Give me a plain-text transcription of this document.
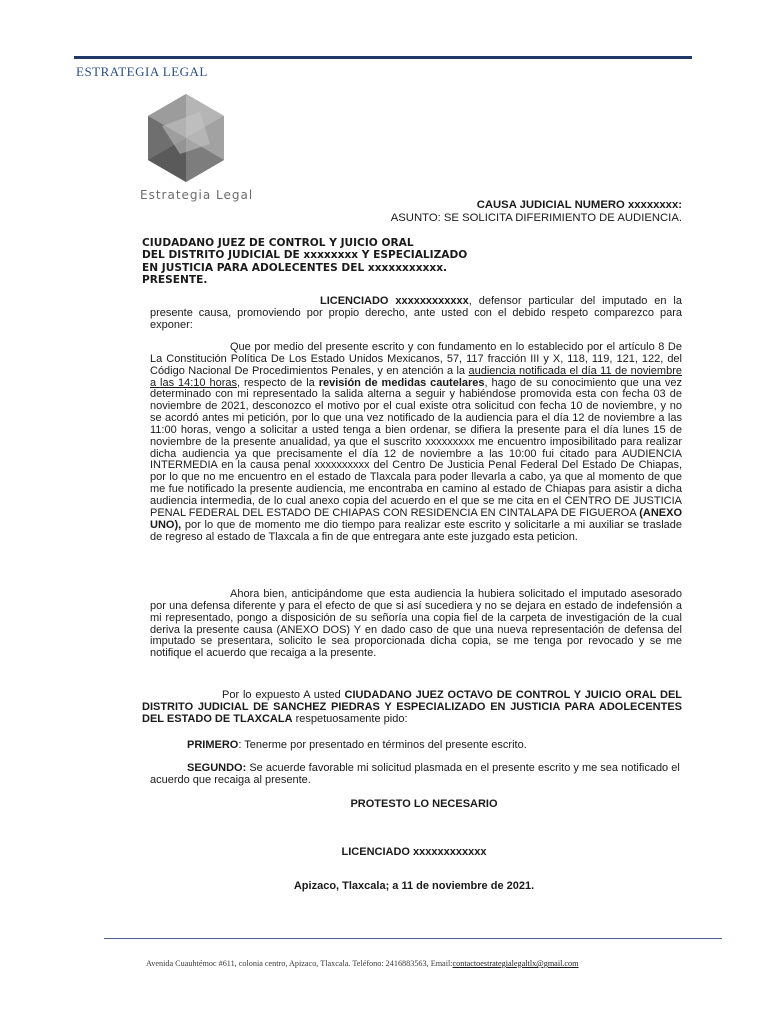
ESTRATEGIA LEGAL
Estrategia Legal
CAUSA JUDICIAL NUMERO xxxxxxxx:
ASUNTO: SE SOLICITA DIFERIMIENTO DE AUDIENCIA.
CIUDADANO JUEZ DE CONTROL Y JUICIO ORAL
DEL DISTRITO JUDICIAL DE xxxxxxxx Y ESPECIALIZADO
EN JUSTICIA PARA ADOLECENTES DEL xxxxxxxxxxx.
PRESENTE.
LICENCIADO xxxxxxxxxxxx, defensor particular del imputado en la presente causa, promoviendo por propio derecho, ante usted con el debido respeto comparezco para exponer:
Que por medio del presente escrito y con fundamento en lo establecido por el artículo 8 De La Constitución Política De Los Estado Unidos Mexicanos, 57, 117 fracción III y X, 118, 119, 121, 122, del Código Nacional De Procedimientos Penales, y en atención a la audiencia notificada el día 11 de noviembre a las 14:10 horas, respecto de la revisión de medidas cautelares, hago de su conocimiento que una vez determinado con mi representado la salida alterna a seguir y habiéndose promovida esta con fecha 03 de noviembre de 2021, desconozco el motivo por el cual existe otra solicitud con fecha 10 de noviembre, y no se acordó antes mi petición, por lo que una vez notificado de la audiencia para el día 12 de noviembre a las 11:00 horas, vengo a solicitar a usted tenga a bien ordenar, se difiera la presente para el día lunes 15 de noviembre de la presente anualidad, ya que el suscrito xxxxxxxxx me encuentro imposibilitado para realizar dicha audiencia ya que precisamente el día 12 de noviembre a las 10:00 fui citado para AUDIENCIA INTERMEDIA en la causa penal xxxxxxxxxx del Centro De Justicia Penal Federal Del Estado De Chiapas, por lo que no me encuentro en el estado de Tlaxcala para poder llevarla a cabo, ya que al momento de que me fue notificado la presente audiencia, me encontraba en camino al estado de Chiapas para asistir a dicha audiencia intermedia, de lo cual anexo copia del acuerdo en el que se me cita en el CENTRO DE JUSTICIA PENAL FEDERAL DEL ESTADO DE CHIAPAS CON RESIDENCIA EN CINTALAPA DE FIGUEROA (ANEXO UNO), por lo que de momento me dio tiempo para realizar este escrito y solicitarle a mi auxiliar se traslade de regreso al estado de Tlaxcala a fin de que entregara ante este juzgado esta peticion.
Ahora bien, anticipándome que esta audiencia la hubiera solicitado el imputado asesorado por una defensa diferente y para el efecto de que si así sucediera y no se dejara en estado de indefensión a mi representado, pongo a disposición de su señoría una copia fiel de la carpeta de investigación de la cual deriva la presente causa (ANEXO DOS) Y en dado caso de que una nueva representación de defensa del imputado se presentara, solicito le sea proporcionada dicha copia, se me tenga por revocado y se me notifique el acuerdo que recaiga a la presente.
Por lo expuesto A usted CIUDADANO JUEZ OCTAVO DE CONTROL Y JUICIO ORAL DEL DISTRITO JUDICIAL DE SANCHEZ PIEDRAS Y ESPECIALIZADO EN JUSTICIA PARA ADOLECENTES DEL ESTADO DE TLAXCALA respetuosamente pido:
PRIMERO: Tenerme por presentado en términos del presente escrito.
SEGUNDO: Se acuerde favorable mi solicitud plasmada en el presente escrito y me sea notificado el acuerdo que recaiga al presente.
PROTESTO LO NECESARIO
LICENCIADO xxxxxxxxxxxx
Apizaco, Tlaxcala; a 11 de noviembre de 2021.
Avenida Cuauhtémoc #611, colonia centro, Apizaco, Tlaxcala. Teléfono: 2416883563, Email:contactoestrategialegaltlx@gmail.com
